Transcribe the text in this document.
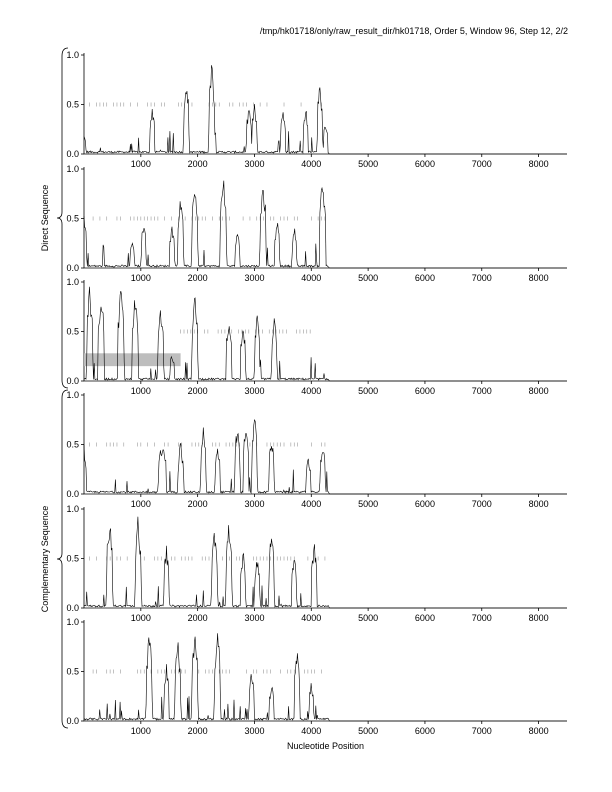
/tmp/hk01718/only/raw_result_dir/hk01718, Order 5, Window 96, Step 12, 2/2
0.0
0.5
1.0
1000	2000	3000	4000	5000	6000	7000	8000
0.0
0.5
1.0
1000	2000	3000	4000	5000	6000	7000	8000
0.0
0.5
1.0
1000	2000	3000	4000	5000	6000	7000	8000
0.0
0.5
1.0
1000	2000	3000	4000	5000	6000	7000	8000
0.0
0.5
1.0
1000	2000	3000	4000	5000	6000	7000	8000
0.0
0.5
1.0
1000	2000	3000	4000	5000	6000	7000	8000
Nucleotide Position
Direct Sequence
Complementary Sequence
